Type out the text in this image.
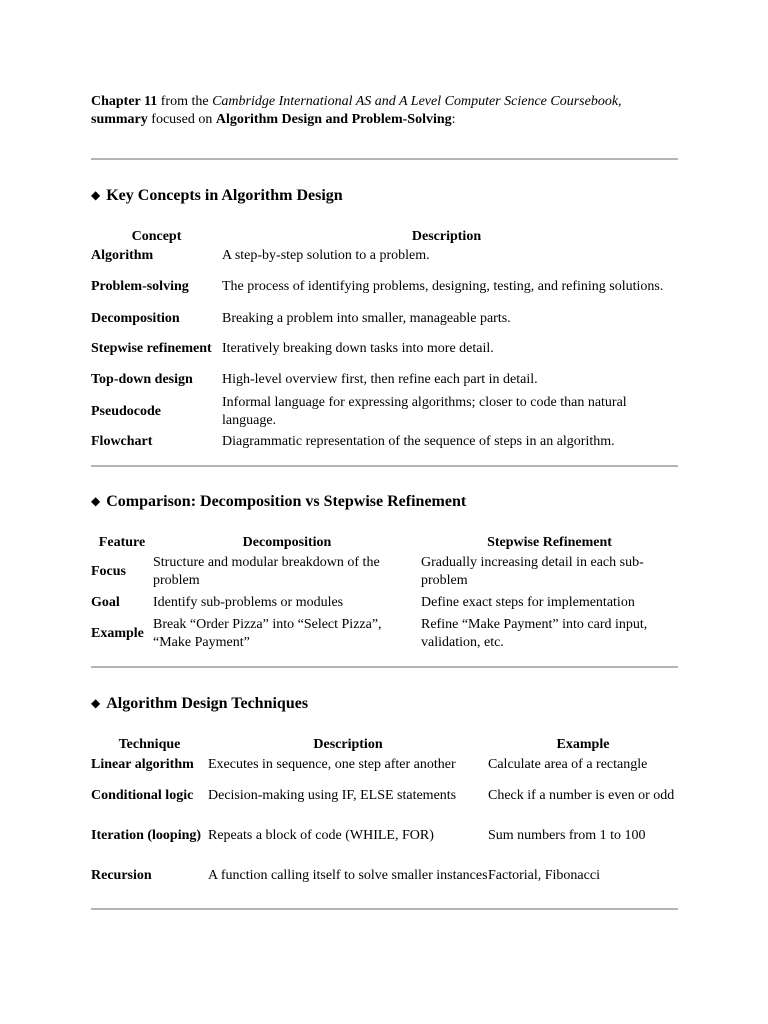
Chapter 11 from the Cambridge International AS and A Level Computer Science Coursebook,
summary focused on Algorithm Design and Problem-Solving:
◆ Key Concepts in Algorithm Design
Concept	Description
Algorithm	A step-by-step solution to a problem.
Problem-solving	The process of identifying problems, designing, testing, and refining solutions.
Decomposition	Breaking a problem into smaller, manageable parts.
Stepwise refinement	Iteratively breaking down tasks into more detail.
Top-down design	High-level overview first, then refine each part in detail.
Pseudocode	Informal language for expressing algorithms; closer to code than natural language.
Flowchart	Diagrammatic representation of the sequence of steps in an algorithm.
◆ Comparison: Decomposition vs Stepwise Refinement
Feature	Decomposition	Stepwise Refinement
Focus	Structure and modular breakdown of the problem	Gradually increasing detail in each sub-problem
Goal	Identify sub-problems or modules	Define exact steps for implementation
Example	Break “Order Pizza” into “Select Pizza”, “Make Payment”	Refine “Make Payment” into card input, validation, etc.
◆ Algorithm Design Techniques
Technique	Description	Example
Linear algorithm	Executes in sequence, one step after another	Calculate area of a rectangle
Conditional logic	Decision-making using IF, ELSE statements	Check if a number is even or odd
Iteration (looping)	Repeats a block of code (WHILE, FOR)	Sum numbers from 1 to 100
Recursion	A function calling itself to solve smaller instances	Factorial, Fibonacci
